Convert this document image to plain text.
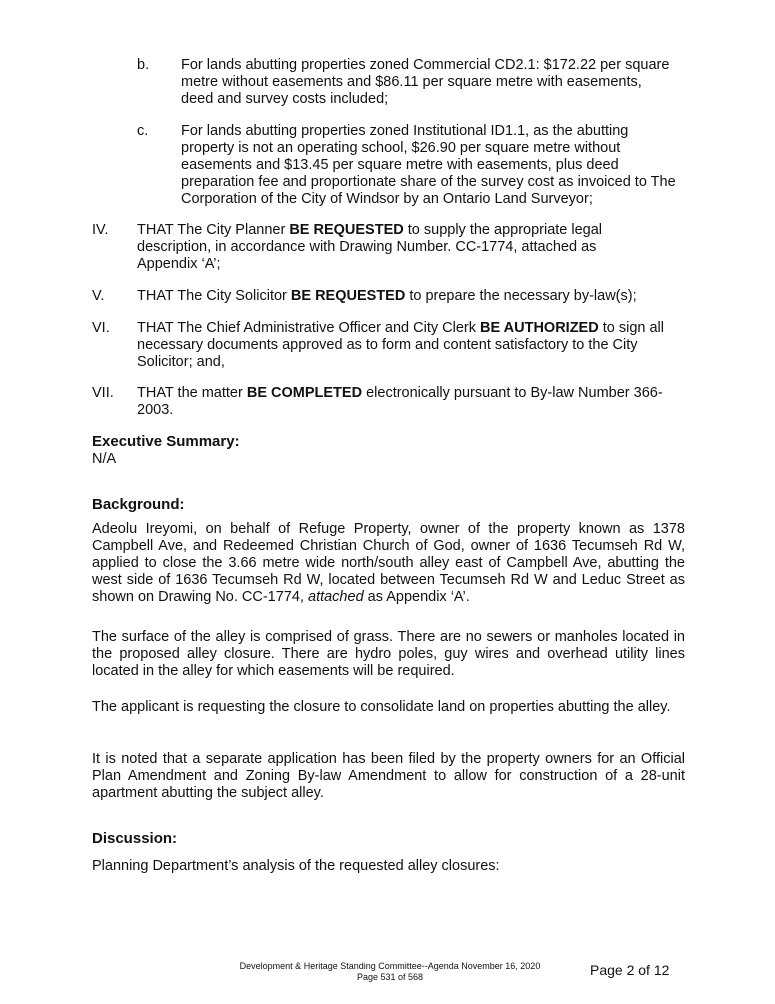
b. For lands abutting properties zoned Commercial CD2.1: $172.22 per square metre without easements and $86.11 per square metre with easements, deed and survey costs included;
c. For lands abutting properties zoned Institutional ID1.1, as the abutting property is not an operating school, $26.90 per square metre without easements and $13.45 per square metre with easements, plus deed preparation fee and proportionate share of the survey cost as invoiced to The Corporation of the City of Windsor by an Ontario Land Surveyor;
IV. THAT The City Planner BE REQUESTED to supply the appropriate legal description, in accordance with Drawing Number. CC-1774, attached as Appendix ‘A’;
V. THAT The City Solicitor BE REQUESTED to prepare the necessary by-law(s);
VI. THAT The Chief Administrative Officer and City Clerk BE AUTHORIZED to sign all necessary documents approved as to form and content satisfactory to the City Solicitor; and,
VII. THAT the matter BE COMPLETED electronically pursuant to By-law Number 366-2003.
Executive Summary:
N/A
Background:
Adeolu Ireyomi, on behalf of Refuge Property, owner of the property known as 1378 Campbell Ave, and Redeemed Christian Church of God, owner of 1636 Tecumseh Rd W, applied to close the 3.66 metre wide north/south alley east of Campbell Ave, abutting the west side of 1636 Tecumseh Rd W, located between Tecumseh Rd W and Leduc Street as shown on Drawing No. CC-1774, attached as Appendix ‘A’.
The surface of the alley is comprised of grass. There are no sewers or manholes located in the proposed alley closure. There are hydro poles, guy wires and overhead utility lines located in the alley for which easements will be required.
The applicant is requesting the closure to consolidate land on properties abutting the alley.
It is noted that a separate application has been filed by the property owners for an Official Plan Amendment and Zoning By-law Amendment to allow for construction of a 28-unit apartment abutting the subject alley.
Discussion:
Planning Department’s analysis of the requested alley closures:
Development & Heritage Standing Committee--Agenda November 16, 2020
Page 531 of 568	Page 2 of 12
